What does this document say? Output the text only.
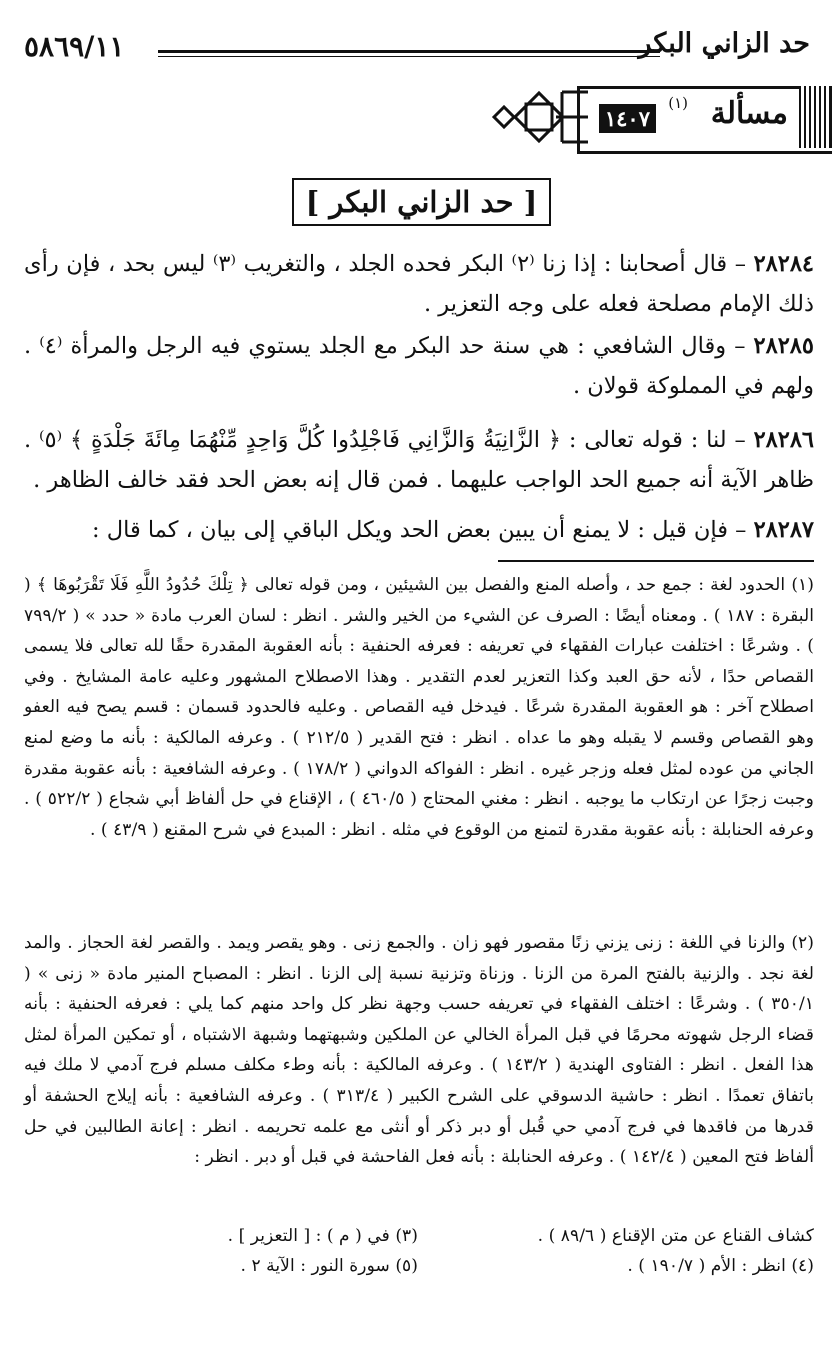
حد الزاني البكر
٥٨٦٩/١١
مسألة
(١)
١٤٠٧
[ حد الزاني البكر ]
٢٨٢٨٤ – قال أصحابنا : إذا زنا ⁽٢⁾ البكر فحده الجلد ، والتغريب ⁽٣⁾ ليس بحد ، فإن رأى ذلك الإمام مصلحة فعله على وجه التعزير .
٢٨٢٨٥ – وقال الشافعي : هي سنة حد البكر مع الجلد يستوي فيه الرجل والمرأة ⁽٤⁾ . ولهم في المملوكة قولان .
٢٨٢٨٦ – لنا : قوله تعالى : ﴿ الزَّانِيَةُ وَالزَّانِي فَاجْلِدُوا كُلَّ وَاحِدٍ مِّنْهُمَا مِائَةَ جَلْدَةٍ ﴾ ⁽٥⁾ . ظاهر الآية أنه جميع الحد الواجب عليهما . فمن قال إنه بعض الحد فقد خالف الظاهر .
٢٨٢٨٧ – فإن قيل : لا يمنع أن يبين بعض الحد ويكل الباقي إلى بيان ، كما قال :
(١) الحدود لغة : جمع حد ، وأصله المنع والفصل بين الشيئين ، ومن قوله تعالى ﴿ تِلْكَ حُدُودُ اللَّهِ فَلَا تَقْرَبُوهَا ﴾ ( البقرة : ١٨٧ ) . ومعناه أيضًا : الصرف عن الشيء من الخير والشر . انظر : لسان العرب مادة « حدد » ( ٧٩٩/٢ ) . وشرعًا : اختلفت عبارات الفقهاء في تعريفه : فعرفه الحنفية : بأنه العقوبة المقدرة حقًا لله تعالى فلا يسمى القصاص حدًا ، لأنه حق العبد وكذا التعزير لعدم التقدير . وهذا الاصطلاح المشهور وعليه عامة المشايخ . وفي اصطلاح آخر : هو العقوبة المقدرة شرعًا . فيدخل فيه القصاص . وعليه فالحدود قسمان : قسم يصح فيه العفو وهو القصاص وقسم لا يقبله وهو ما عداه . انظر : فتح القدير ( ٢١٢/٥ ) . وعرفه المالكية : بأنه ما وضع لمنع الجاني من عوده لمثل فعله وزجر غيره . انظر : الفواكه الدواني ( ١٧٨/٢ ) . وعرفه الشافعية : بأنه عقوبة مقدرة وجبت زجرًا عن ارتكاب ما يوجبه . انظر : مغني المحتاج ( ٤٦٠/٥ ) ، الإقناع في حل ألفاظ أبي شجاع ( ٥٢٢/٢ ) . وعرفه الحنابلة : بأنه عقوبة مقدرة لتمنع من الوقوع في مثله . انظر : المبدع في شرح المقنع ( ٤٣/٩ ) .
(٢) والزنا في اللغة : زنى يزني زنًا مقصور فهو زان . والجمع زنى . وهو يقصر ويمد . والقصر لغة الحجاز . والمد لغة نجد . والزنية بالفتح المرة من الزنا . وزناة وتزنية نسبة إلى الزنا . انظر : المصباح المنير مادة « زنى » ( ٣٥٠/١ ) . وشرعًا : اختلف الفقهاء في تعريفه حسب وجهة نظر كل واحد منهم كما يلي : فعرفه الحنفية : بأنه قضاء الرجل شهوته محرمًا في قبل المرأة الخالي عن الملكين وشبهتهما وشبهة الاشتباه ، أو تمكين المرأة لمثل هذا الفعل . انظر : الفتاوى الهندية ( ١٤٣/٢ ) . وعرفه المالكية : بأنه وطء مكلف مسلم فرج آدمي لا ملك فيه باتفاق تعمدًا . انظر : حاشية الدسوقي على الشرح الكبير ( ٣١٣/٤ ) . وعرفه الشافعية : بأنه إيلاج الحشفة أو قدرها من فاقدها في فرج آدمي حي قُبل أو دبر ذكر أو أنثى مع علمه تحريمه . انظر : إعانة الطالبين في حل ألفاظ فتح المعين ( ١٤٢/٤ ) . وعرفه الحنابلة : بأنه فعل الفاحشة في قبل أو دبر . انظر :
كشاف القناع عن متن الإقناع ( ٨٩/٦ ) .
(٣) في ( م ) : [ التعزير ] .
(٤) انظر : الأم ( ١٩٠/٧ ) .
(٥) سورة النور : الآية ٢ .
